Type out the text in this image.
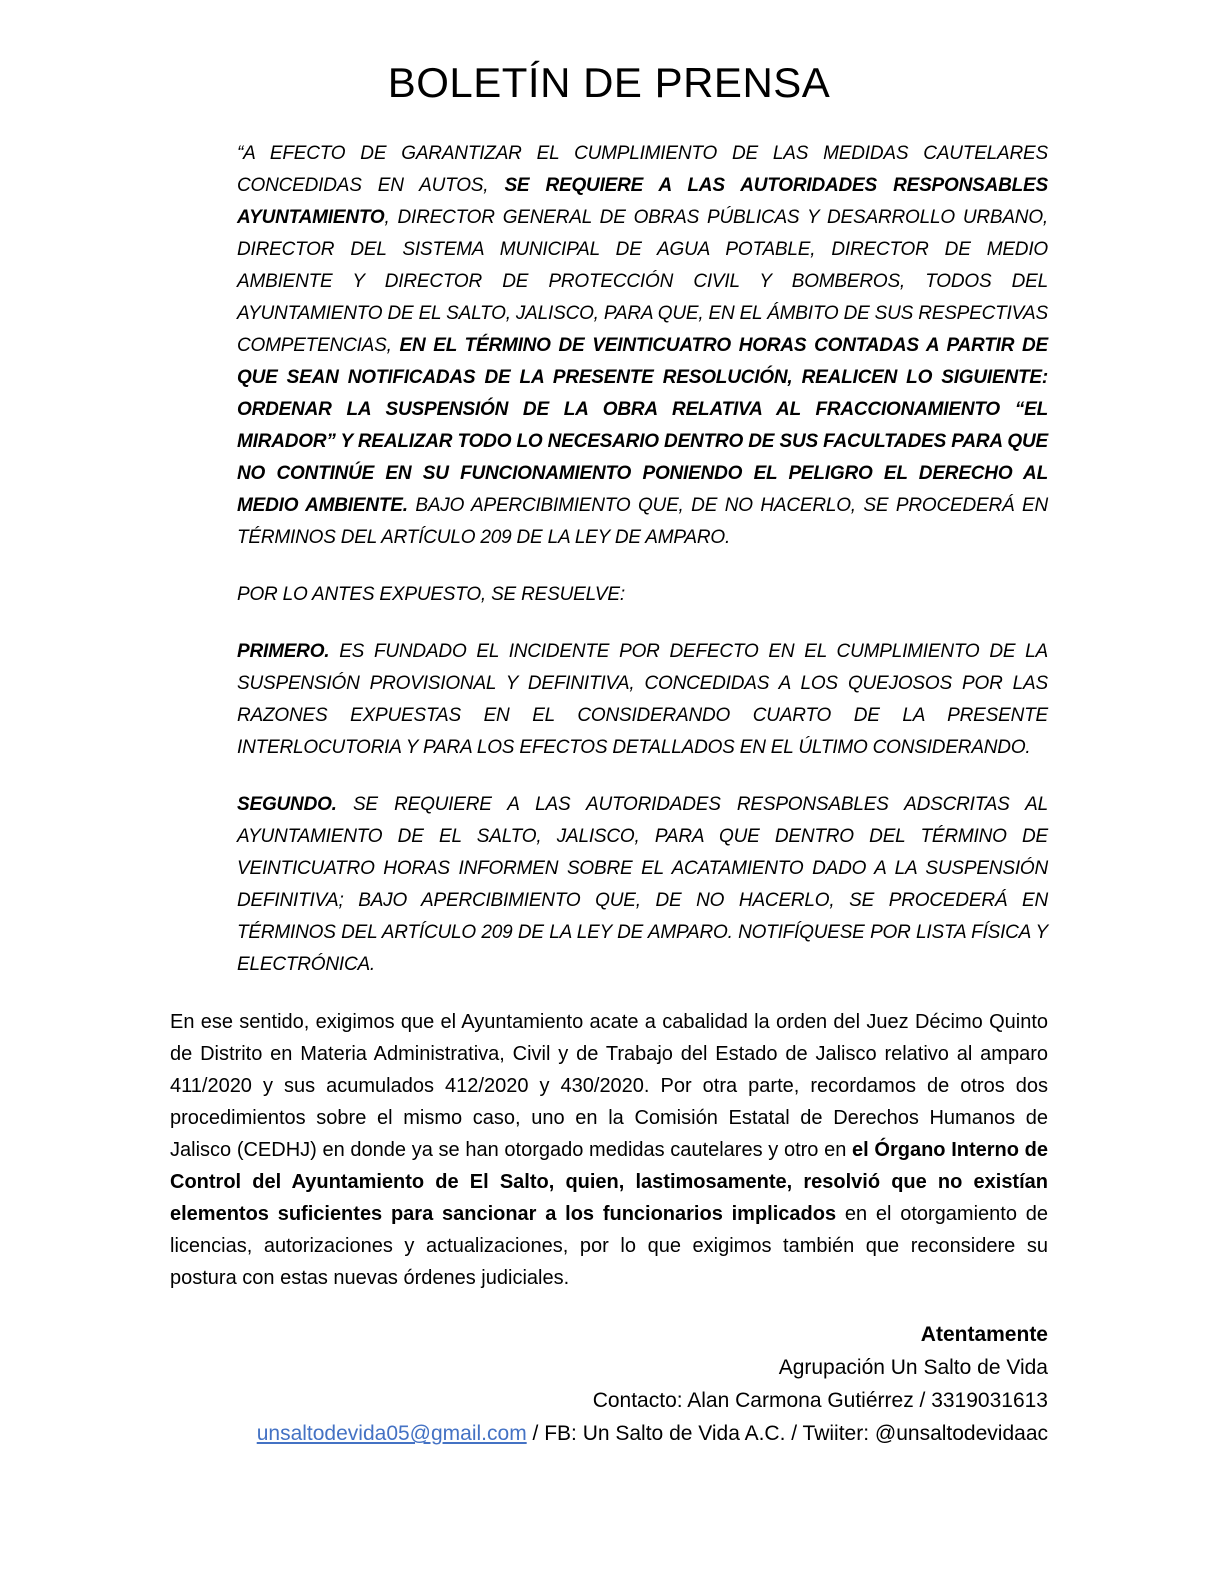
BOLETÍN DE PRENSA

“A EFECTO DE GARANTIZAR EL CUMPLIMIENTO DE LAS MEDIDAS CAUTELARES CONCEDIDAS EN AUTOS, SE REQUIERE A LAS AUTORIDADES RESPONSABLES AYUNTAMIENTO, DIRECTOR GENERAL DE OBRAS PÚBLICAS Y DESARROLLO URBANO, DIRECTOR DEL SISTEMA MUNICIPAL DE AGUA POTABLE, DIRECTOR DE MEDIO AMBIENTE Y DIRECTOR DE PROTECCIÓN CIVIL Y BOMBEROS, TODOS DEL AYUNTAMIENTO DE EL SALTO, JALISCO, PARA QUE, EN EL ÁMBITO DE SUS RESPECTIVAS COMPETENCIAS, EN EL TÉRMINO DE VEINTICUATRO HORAS CONTADAS A PARTIR DE QUE SEAN NOTIFICADAS DE LA PRESENTE RESOLUCIÓN, REALICEN LO SIGUIENTE: ORDENAR LA SUSPENSIÓN DE LA OBRA RELATIVA AL FRACCIONAMIENTO “EL MIRADOR” Y REALIZAR TODO LO NECESARIO DENTRO DE SUS FACULTADES PARA QUE NO CONTINÚE EN SU FUNCIONAMIENTO PONIENDO EL PELIGRO EL DERECHO AL MEDIO AMBIENTE. BAJO APERCIBIMIENTO QUE, DE NO HACERLO, SE PROCEDERÁ EN TÉRMINOS DEL ARTÍCULO 209 DE LA LEY DE AMPARO.

POR LO ANTES EXPUESTO, SE RESUELVE:

PRIMERO. ES FUNDADO EL INCIDENTE POR DEFECTO EN EL CUMPLIMIENTO DE LA SUSPENSIÓN PROVISIONAL Y DEFINITIVA, CONCEDIDAS A LOS QUEJOSOS POR LAS RAZONES EXPUESTAS EN EL CONSIDERANDO CUARTO DE LA PRESENTE INTERLOCUTORIA Y PARA LOS EFECTOS DETALLADOS EN EL ÚLTIMO CONSIDERANDO.

SEGUNDO. SE REQUIERE A LAS AUTORIDADES RESPONSABLES ADSCRITAS AL AYUNTAMIENTO DE EL SALTO, JALISCO, PARA QUE DENTRO DEL TÉRMINO DE VEINTICUATRO HORAS INFORMEN SOBRE EL ACATAMIENTO DADO A LA SUSPENSIÓN DEFINITIVA; BAJO APERCIBIMIENTO QUE, DE NO HACERLO, SE PROCEDERÁ EN TÉRMINOS DEL ARTÍCULO 209 DE LA LEY DE AMPARO. NOTIFÍQUESE POR LISTA FÍSICA Y ELECTRÓNICA.

En ese sentido, exigimos que el Ayuntamiento acate a cabalidad la orden del Juez Décimo Quinto de Distrito en Materia Administrativa, Civil y de Trabajo del Estado de Jalisco relativo al amparo 411/2020 y sus acumulados 412/2020 y 430/2020. Por otra parte, recordamos de otros dos procedimientos sobre el mismo caso, uno en la Comisión Estatal de Derechos Humanos de Jalisco (CEDHJ) en donde ya se han otorgado medidas cautelares y otro en el Órgano Interno de Control del Ayuntamiento de El Salto, quien, lastimosamente, resolvió que no existían elementos suficientes para sancionar a los funcionarios implicados en el otorgamiento de licencias, autorizaciones y actualizaciones, por lo que exigimos también que reconsidere su postura con estas nuevas órdenes judiciales.

Atentamente

Agrupación Un Salto de Vida

Contacto: Alan Carmona Gutiérrez / 3319031613

unsaltodevida05@gmail.com / FB: Un Salto de Vida A.C. / Twiiter: @unsaltodevidaac
